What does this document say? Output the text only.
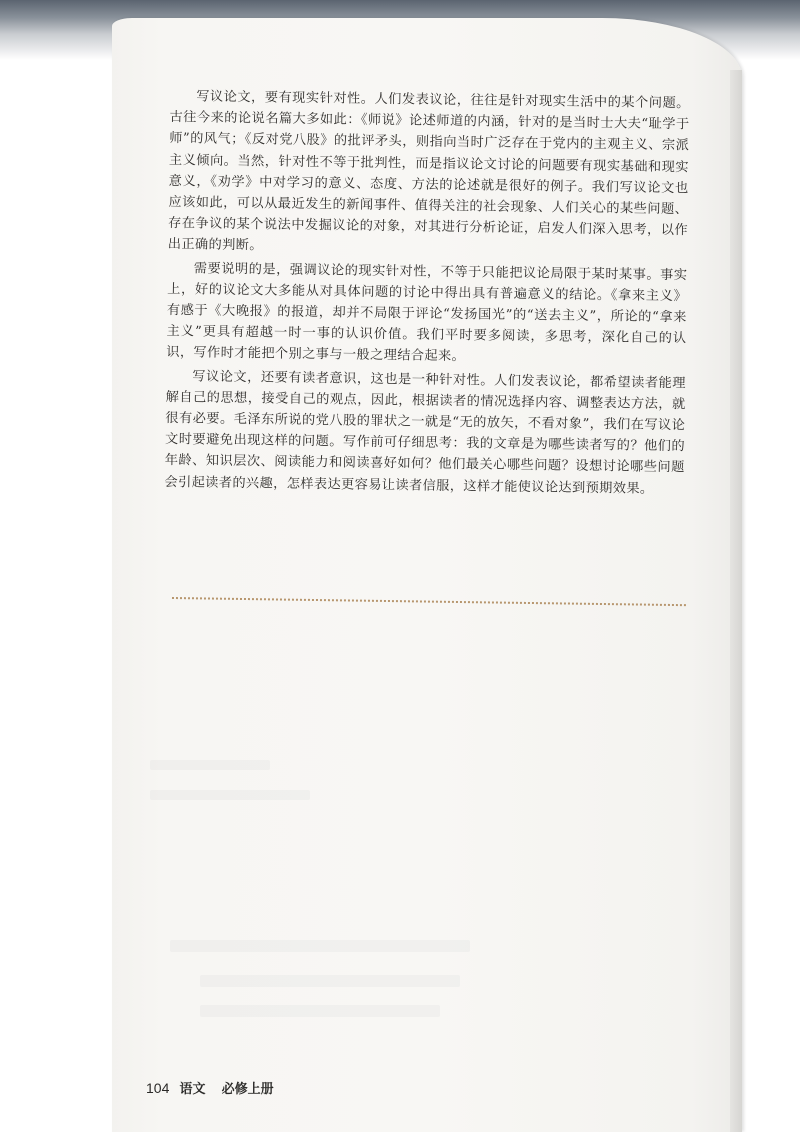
写议论文，要有现实针对性。人们发表议论，往往是针对现实生活中的某个问题。古往今来的论说名篇大多如此：《师说》论述师道的内涵，针对的是当时士大夫“耻学于师”的风气；《反对党八股》的批评矛头，则指向当时广泛存在于党内的主观主义、宗派主义倾向。当然，针对性不等于批判性，而是指议论文讨论的问题要有现实基础和现实意义，《劝学》中对学习的意义、态度、方法的论述就是很好的例子。我们写议论文也应该如此，可以从最近发生的新闻事件、值得关注的社会现象、人们关心的某些问题、存在争议的某个说法中发掘议论的对象，对其进行分析论证，启发人们深入思考，以作出正确的判断。

需要说明的是，强调议论的现实针对性，不等于只能把议论局限于某时某事。事实上，好的议论文大多能从对具体问题的讨论中得出具有普遍意义的结论。《拿来主义》有感于《大晚报》的报道，却并不局限于评论“发扬国光”的“送去主义”，所论的“拿来主义”更具有超越一时一事的认识价值。我们平时要多阅读，多思考，深化自己的认识，写作时才能把个别之事与一般之理结合起来。

写议论文，还要有读者意识，这也是一种针对性。人们发表议论，都希望读者能理解自己的思想，接受自己的观点，因此，根据读者的情况选择内容、调整表达方法，就很有必要。毛泽东所说的党八股的罪状之一就是“无的放矢，不看对象”，我们在写议论文时要避免出现这样的问题。写作前可仔细思考：我的文章是为哪些读者写的？他们的年龄、知识层次、阅读能力和阅读喜好如何？他们最关心哪些问题？设想讨论哪些问题会引起读者的兴趣，怎样表达更容易让读者信服，这样才能使议论达到预期效果。

104 语文 必修上册
